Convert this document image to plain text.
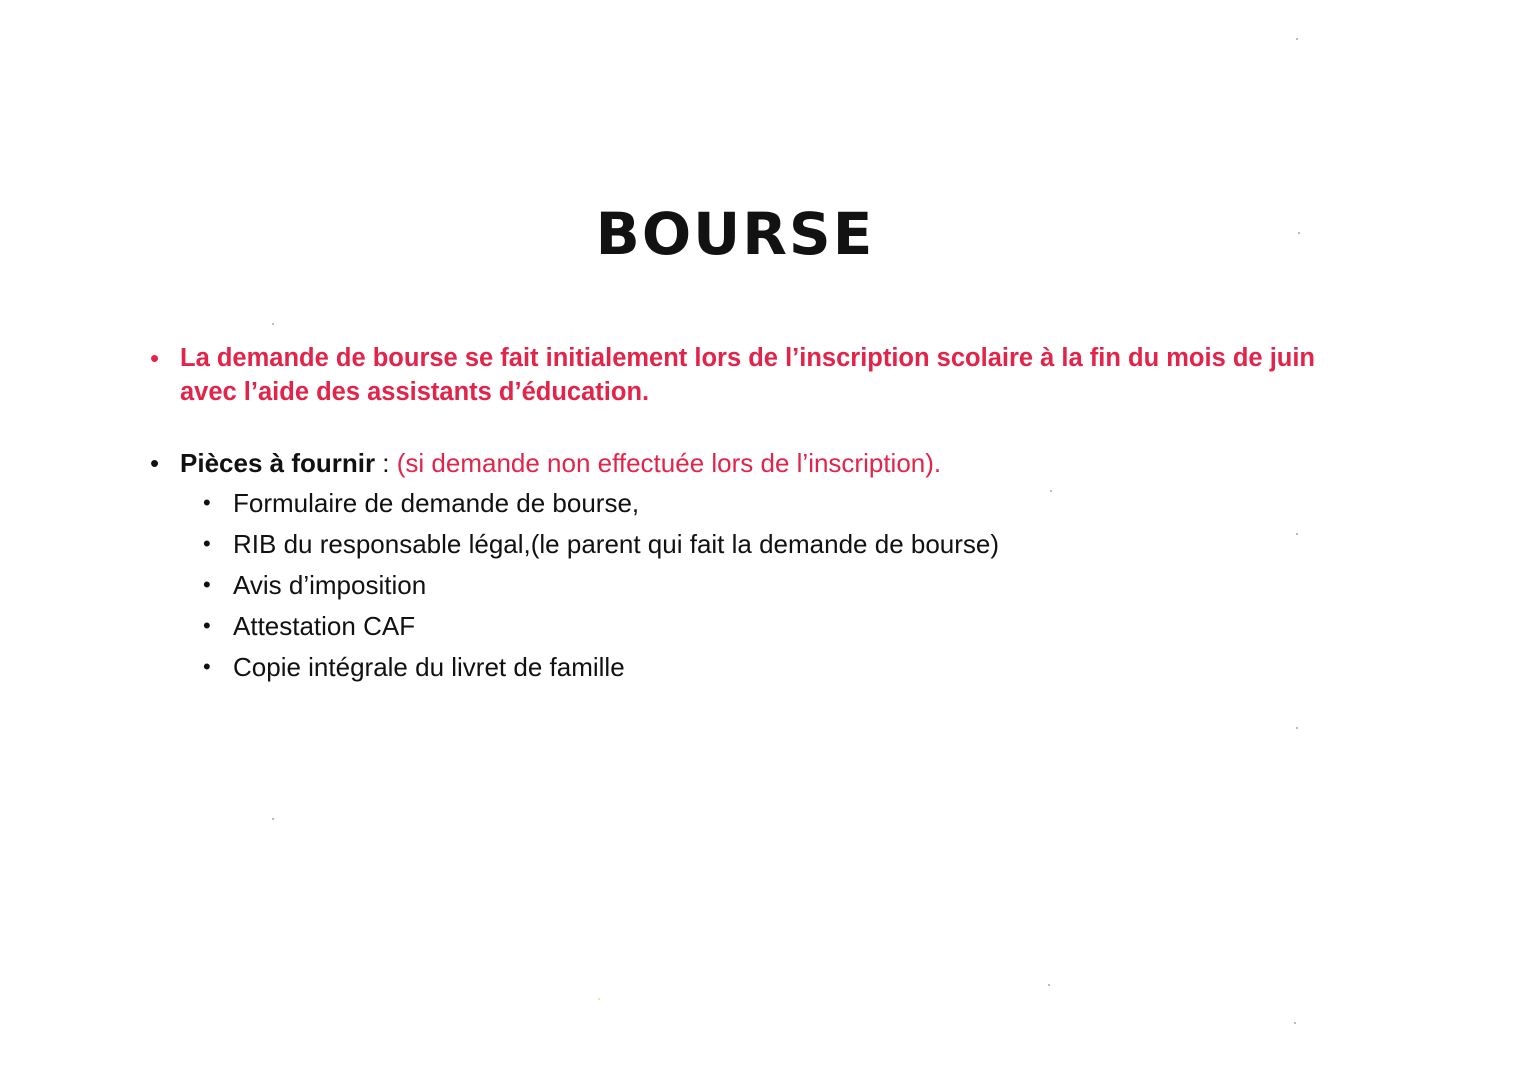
BOURSE
• La demande de bourse se fait initialement lors de l’inscription scolaire à la fin du mois de juin avec l’aide des assistants d’éducation.
• Pièces à fournir : (si demande non effectuée lors de l’inscription).
• Formulaire de demande de bourse,
• RIB du responsable légal,(le parent qui fait la demande de bourse)
• Avis d’imposition
• Attestation CAF
• Copie intégrale du livret de famille
